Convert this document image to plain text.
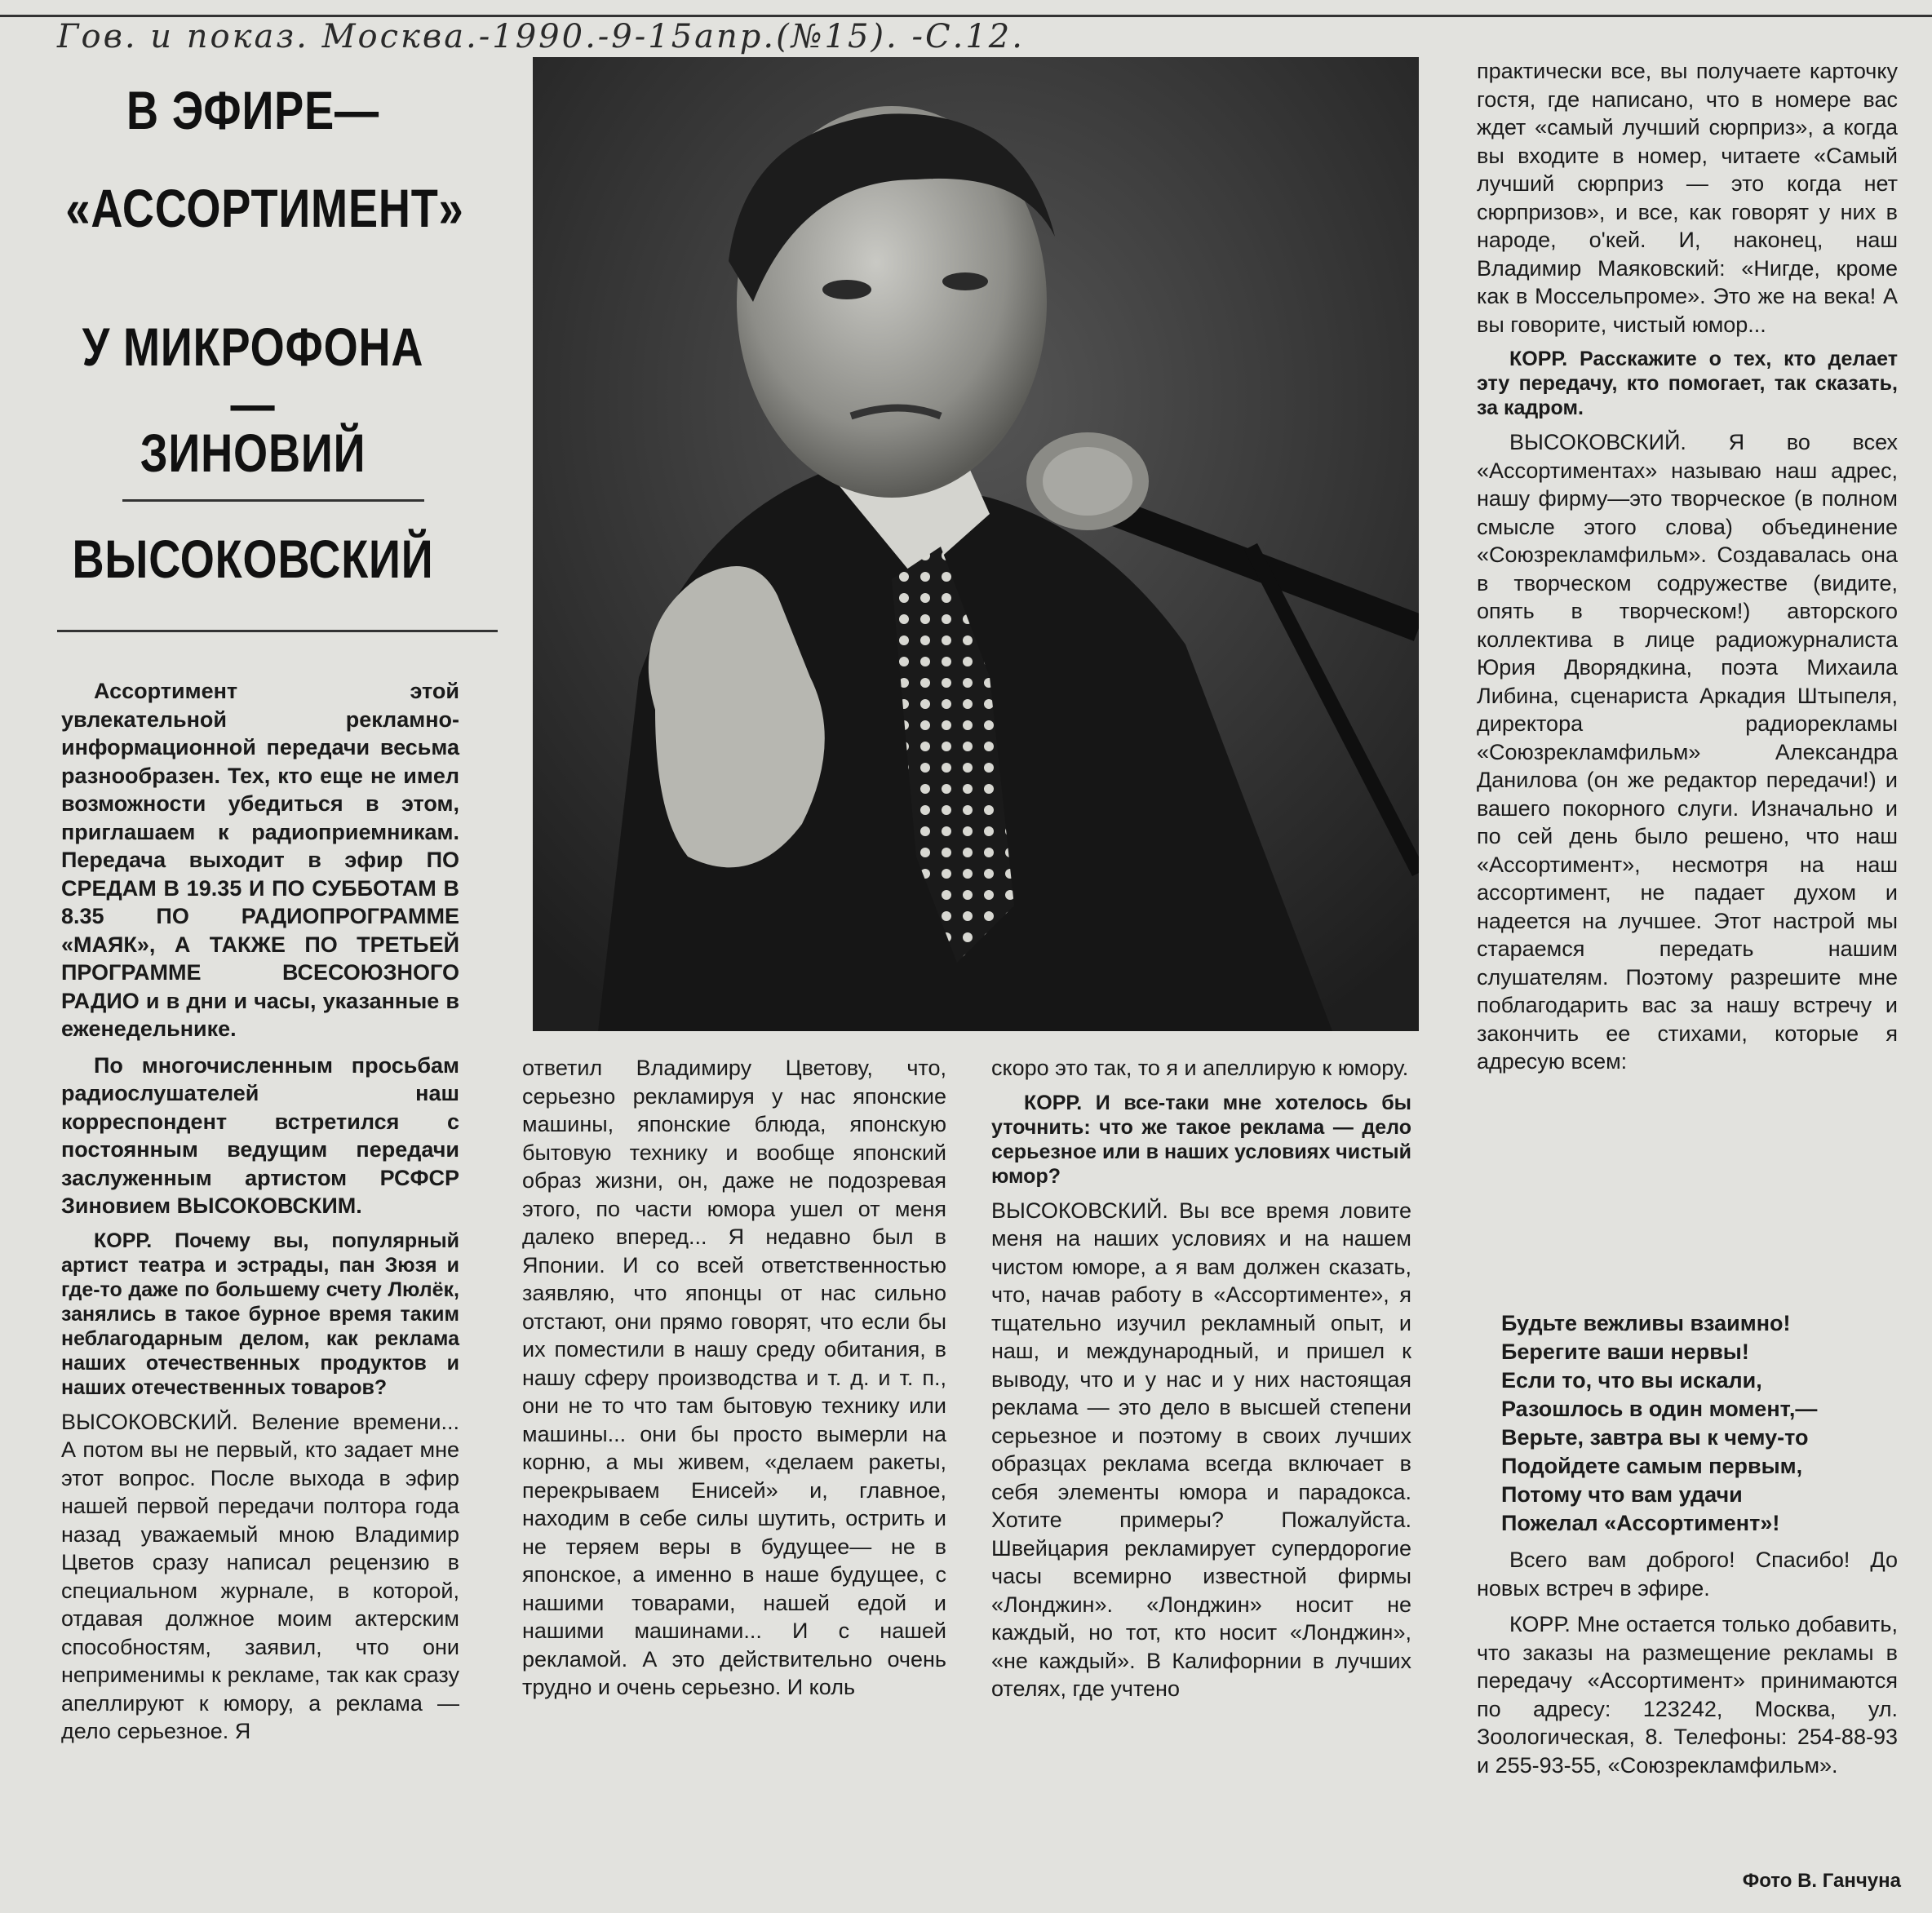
Гов. и показ. Москва.-1990.-9-15апр.(№15). -С.12.
В ЭФИРЕ—
«АССОРТИМЕНТ»
У МИКРОФОНА—
ЗИНОВИЙ
ВЫСОКОВСКИЙ

Ассортимент этой увлекательной рекламно-информационной передачи весьма разнообразен. Тех, кто еще не имел возможности убедиться в этом, приглашаем к радиоприемникам. Передача выходит в эфир ПО СРЕДАМ В 19.35 И ПО СУББОТАМ В 8.35 ПО РАДИОПРОГРАММЕ «МАЯК», А ТАКЖЕ ПО ТРЕТЬЕЙ ПРОГРАММЕ ВСЕСОЮЗНОГО РАДИО и в дни и часы, указанные в еженедельнике.

По многочисленным просьбам радиослушателей наш корреспондент встретился с постоянным ведущим передачи заслуженным артистом РСФСР Зиновием ВЫСОКОВСКИМ.

КОРР. Почему вы, популярный артист театра и эстрады, пан Зюзя и где-то даже по большему счету Люлёк, занялись в такое бурное время таким неблагодарным делом, как реклама наших отечественных продуктов и наших отечественных товаров?

ВЫСОКОВСКИЙ. Веление времени... А потом вы не первый, кто задает мне этот вопрос. После выхода в эфир нашей первой передачи полтора года назад уважаемый мною Владимир Цветов сразу написал рецензию в специальном журнале, в которой, отдавая должное моим актерским способностям, заявил, что они неприменимы к рекламе, так как сразу апеллируют к юмору, а реклама — дело серьезное. Я

ответил Владимиру Цветову, что, серьезно рекламируя у нас японские машины, японские блюда, японскую бытовую технику и вообще японский образ жизни, он, даже не подозревая этого, по части юмора ушел от меня далеко вперед... Я недавно был в Японии. И со всей ответственностью заявляю, что японцы от нас сильно отстают, они прямо говорят, что если бы их поместили в нашу среду обитания, в нашу сферу производства и т. д. и т. п., они не то что там бытовую технику или машины... они бы просто вымерли на корню, а мы живем, «делаем ракеты, перекрываем Енисей» и, главное, находим в себе силы шутить, острить и не теряем веры в будущее— не в японское, а именно в наше будущее, с нашими товарами, нашей едой и нашими машинами... И с нашей рекламой. А это действительно очень трудно и очень серьезно. И коль

скоро это так, то я и апеллирую к юмору.

КОРР. И все-таки мне хотелось бы уточнить: что же такое реклама — дело серьезное или в наших условиях чистый юмор?

ВЫСОКОВСКИЙ. Вы все время ловите меня на наших условиях и на нашем чистом юморе, а я вам должен сказать, что, начав работу в «Ассортименте», я тщательно изучил рекламный опыт, и наш, и международный, и пришел к выводу, что и у нас и у них настоящая реклама — это дело в высшей степени серьезное и поэтому в своих лучших образцах реклама всегда включает в себя элементы юмора и парадокса. Хотите примеры? Пожалуйста. Швейцария рекламирует супердорогие часы всемирно известной фирмы «Лонджин». «Лонджин» носит не каждый, но тот, кто носит «Лонджин», «не каждый». В Калифорнии в лучших отелях, где учтено

практически все, вы получаете карточку гостя, где написано, что в номере вас ждет «самый лучший сюрприз», а когда вы входите в номер, читаете «Самый лучший сюрприз — это когда нет сюрпризов», и все, как говорят у них в народе, о'кей. И, наконец, наш Владимир Маяковский: «Нигде, кроме как в Моссельпроме». Это же на века! А вы говорите, чистый юмор...

КОРР. Расскажите о тех, кто делает эту передачу, кто помогает, так сказать, за кадром.

ВЫСОКОВСКИЙ. Я во всех «Ассортиментах» называю наш адрес, нашу фирму—это творческое (в полном смысле этого слова) объединение «Союзрекламфильм». Создавалась она в творческом содружестве (видите, опять в творческом!) авторского коллектива в лице радиожурналиста Юрия Дворядкина, поэта Михаила Либина, сценариста Аркадия Штыпеля, директора радиорекламы «Союзрекламфильм» Александра Данилова (он же редактор передачи!) и вашего покорного слуги. Изначально и по сей день было решено, что наш «Ассортимент», несмотря на наш ассортимент, не падает духом и надеется на лучшее. Этот настрой мы стараемся передать нашим слушателям. Поэтому разрешите мне поблагодарить вас за нашу встречу и закончить ее стихами, которые я адресую всем:

Будьте вежливы взаимно!
Берегите ваши нервы!
Если то, что вы искали,
Разошлось в один момент,—
Верьте, завтра вы к чему-то
Подойдете самым первым,
Потому что вам удачи
Пожелал «Ассортимент»!

Всего вам доброго! Спасибо! До новых встреч в эфире.

КОРР. Мне остается только добавить, что заказы на размещение рекламы в передачу «Ассортимент» принимаются по адресу: 123242, Москва, ул. Зоологическая, 8. Телефоны: 254-88-93 и 255-93-55, «Союзрекламфильм».

Фото В. Ганчуна
